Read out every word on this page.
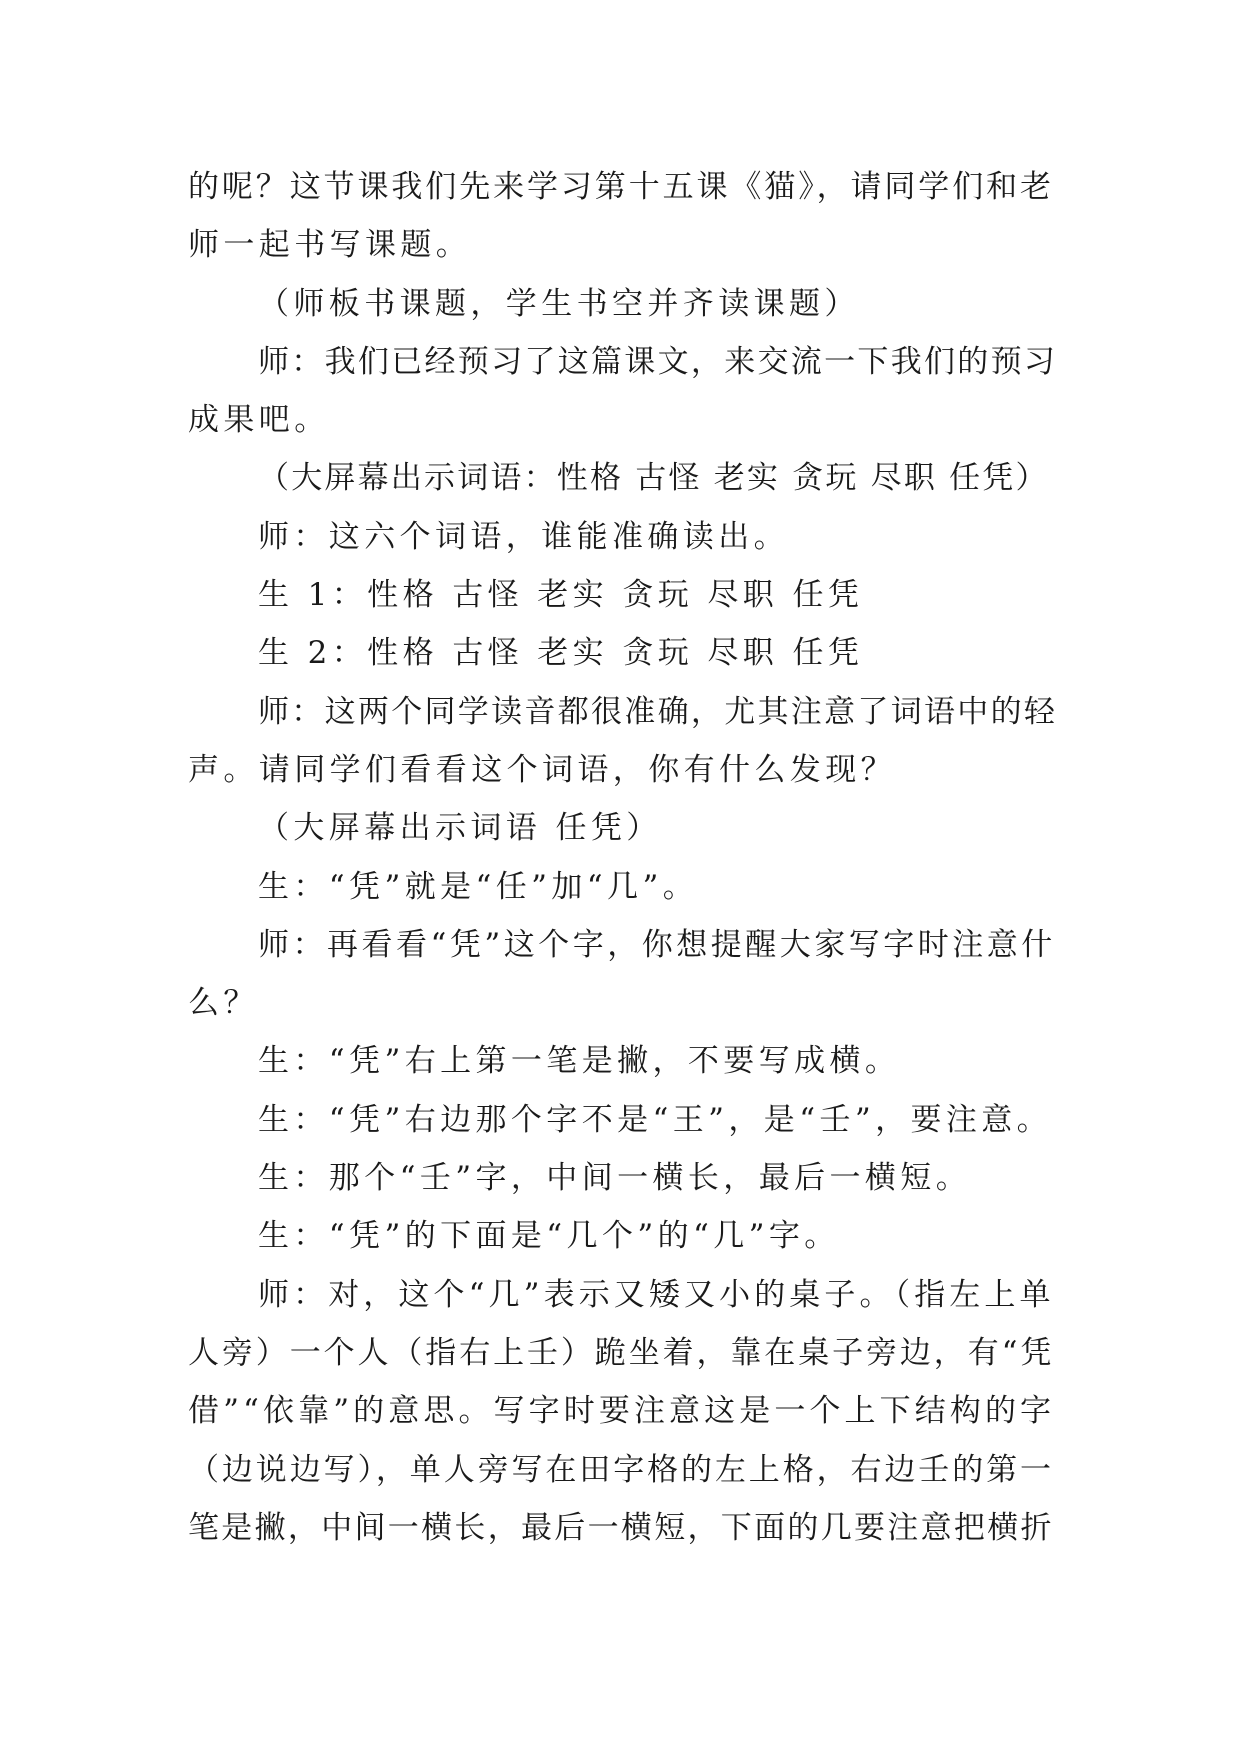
的呢？这节课我们先来学习第十五课《猫》，请同学们和老

师一起书写课题。

（师板书课题，学生书空并齐读课题）

师：我们已经预习了这篇课文，来交流一下我们的预习

成果吧。

（大屏幕出示词语：性格 古怪 老实 贪玩 尽职 任凭）

师：这六个词语，谁能准确读出。

生 1：性格 古怪 老实 贪玩 尽职 任凭

生 2：性格 古怪 老实 贪玩 尽职 任凭

师：这两个同学读音都很准确，尤其注意了词语中的轻

声。请同学们看看这个词语，你有什么发现？

（大屏幕出示词语 任凭）

生：“凭”就是“任”加“几”。

师：再看看“凭”这个字，你想提醒大家写字时注意什

么？

生：“凭”右上第一笔是撇，不要写成横。

生：“凭”右边那个字不是“王”，是“壬”，要注意。

生：那个“壬”字，中间一横长，最后一横短。

生：“凭”的下面是“几个”的“几”字。

师：对，这个“几”表示又矮又小的桌子。（指左上单

人旁）一个人（指右上壬）跪坐着，靠在桌子旁边，有“凭

借”“依靠”的意思。写字时要注意这是一个上下结构的字

（边说边写），单人旁写在田字格的左上格，右边壬的第一

笔是撇，中间一横长，最后一横短，下面的几要注意把横折
